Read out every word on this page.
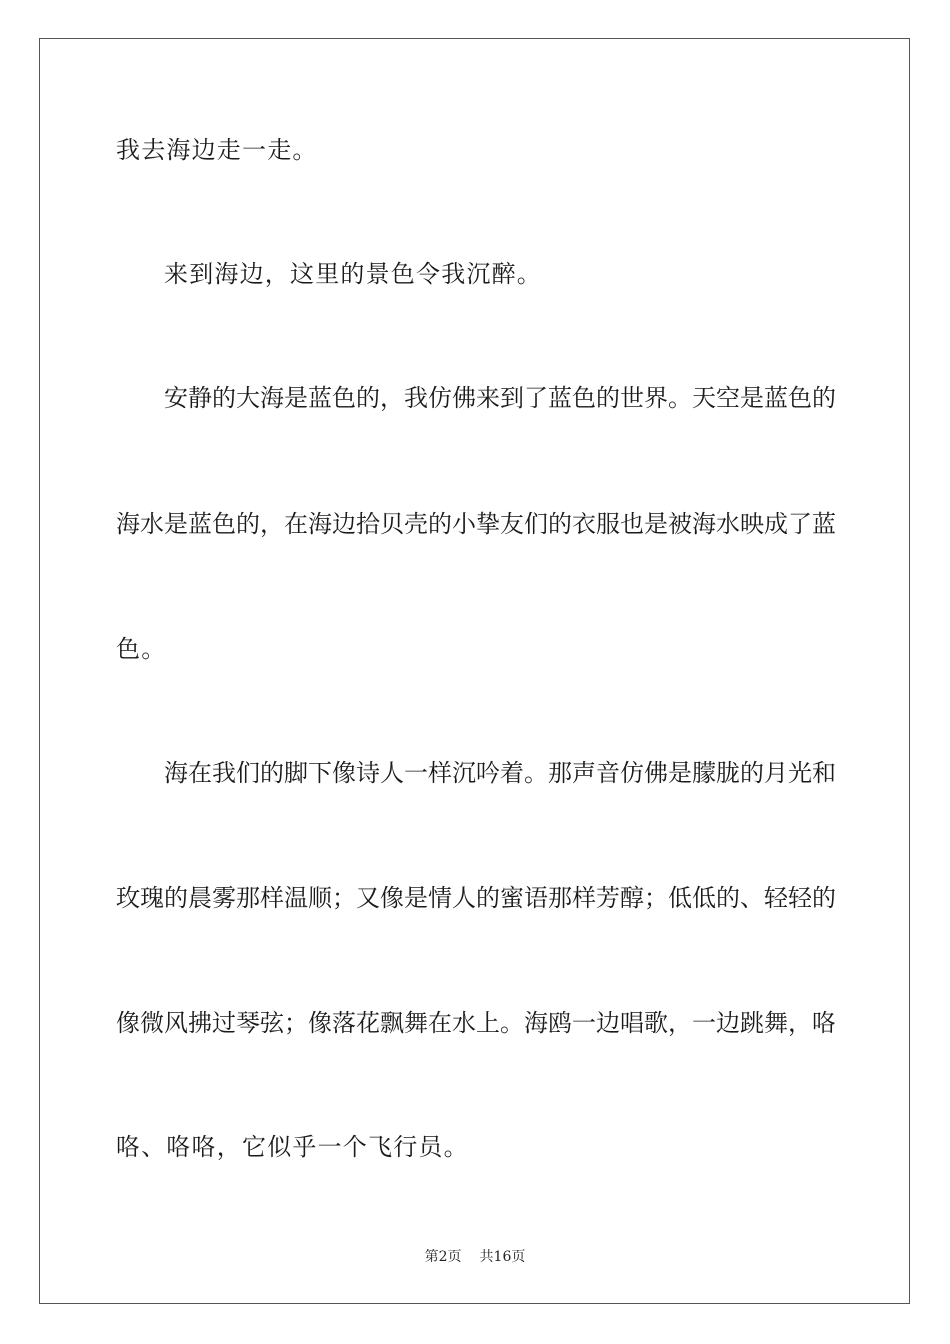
我去海边走一走。
来到海边，这里的景色令我沉醉。
安静的大海是蓝色的，我仿佛来到了蓝色的世界。天空是蓝色的
海水是蓝色的，在海边拾贝壳的小挚友们的衣服也是被海水映成了蓝
色。
海在我们的脚下像诗人一样沉吟着。那声音仿佛是朦胧的月光和
玫瑰的晨雾那样温顺；又像是情人的蜜语那样芳醇；低低的、轻轻的
像微风拂过琴弦；像落花飘舞在水上。海鸥一边唱歌，一边跳舞，咯
咯、咯咯，它似乎一个飞行员。
第2页 共16页
